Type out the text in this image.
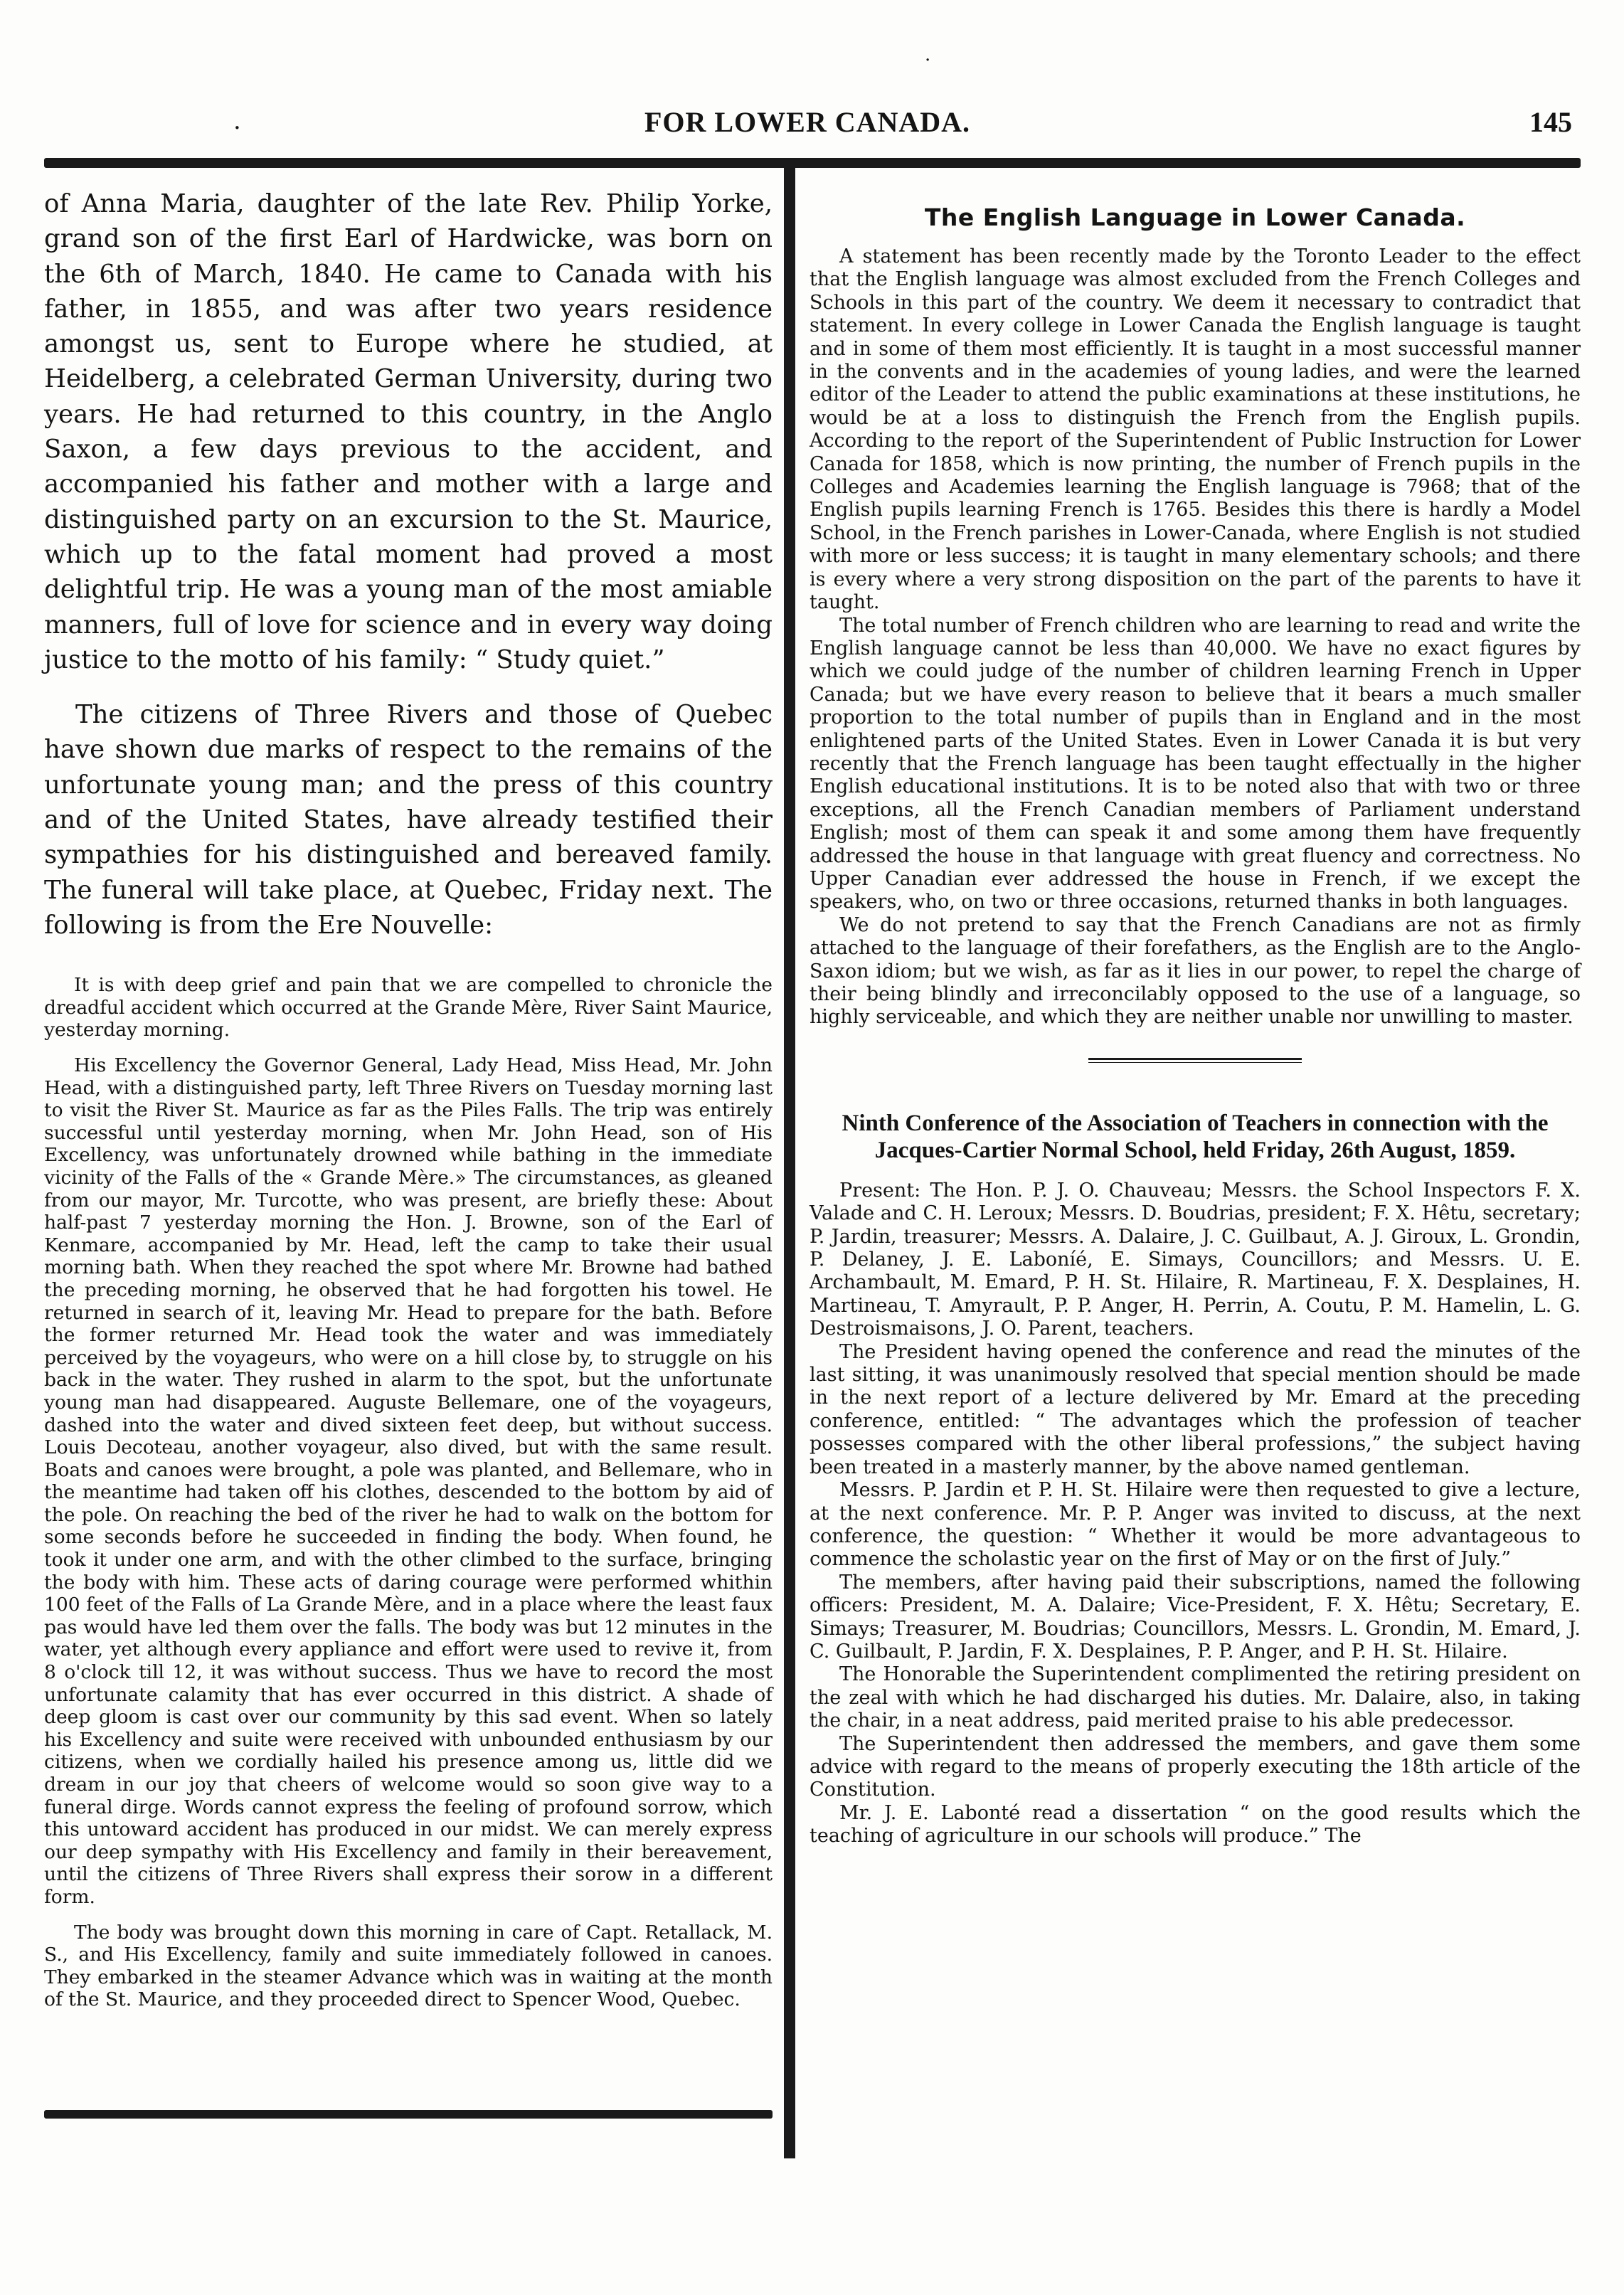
·
·	FOR LOWER CANADA.	145

of Anna Maria, daughter of the late Rev. Philip Yorke, grand son of the first Earl of Hardwicke, was born on the 6th of March, 1840. He came to Canada with his father, in 1855, and was after two years residence amongst us, sent to Europe where he studied, at Heidelberg, a celebrated German University, during two years. He had returned to this country, in the Anglo Saxon, a few days previous to the accident, and accompanied his father and mother with a large and distinguished party on an excursion to the St. Maurice, which up to the fatal moment had proved a most delightful trip. He was a young man of the most amiable manners, full of love for science and in every way doing justice to the motto of his family: “ Study quiet.”

The citizens of Three Rivers and those of Quebec have shown due marks of respect to the remains of the unfortunate young man; and the press of this country and of the United States, have already testified their sympathies for his distinguished and bereaved family. The funeral will take place, at Quebec, Friday next. The following is from the Ere Nouvelle:

It is with deep grief and pain that we are compelled to chronicle the dreadful accident which occurred at the Grande Mère, River Saint Maurice, yesterday morning.

His Excellency the Governor General, Lady Head, Miss Head, Mr. John Head, with a distinguished party, left Three Rivers on Tuesday morning last to visit the River St. Maurice as far as the Piles Falls. The trip was entirely successful until yesterday morning, when Mr. John Head, son of His Excellency, was unfortunately drowned while bathing in the immediate vicinity of the Falls of the « Grande Mère.» The circumstances, as gleaned from our mayor, Mr. Turcotte, who was present, are briefly these: About half-past 7 yesterday morning the Hon. J. Browne, son of the Earl of Kenmare, accompanied by Mr. Head, left the camp to take their usual morning bath. When they reached the spot where Mr. Browne had bathed the preceding morning, he observed that he had forgotten his towel. He returned in search of it, leaving Mr. Head to prepare for the bath. Before the former returned Mr. Head took the water and was immediately perceived by the voyageurs, who were on a hill close by, to struggle on his back in the water. They rushed in alarm to the spot, but the unfortunate young man had disappeared. Auguste Bellemare, one of the voyageurs, dashed into the water and dived sixteen feet deep, but without success. Louis Decoteau, another voyageur, also dived, but with the same result. Boats and canoes were brought, a pole was planted, and Bellemare, who in the meantime had taken off his clothes, descended to the bottom by aid of the pole. On reaching the bed of the river he had to walk on the bottom for some seconds before he succeeded in finding the body. When found, he took it under one arm, and with the other climbed to the surface, bringing the body with him. These acts of daring courage were performed whithin 100 feet of the Falls of La Grande Mère, and in a place where the least faux pas would have led them over the falls. The body was but 12 minutes in the water, yet although every appliance and effort were used to revive it, from 8 o'clock till 12, it was without success. Thus we have to record the most unfortunate calamity that has ever occurred in this district. A shade of deep gloom is cast over our community by this sad event. When so lately his Excellency and suite were received with unbounded enthusiasm by our citizens, when we cordially hailed his presence among us, little did we dream in our joy that cheers of welcome would so soon give way to a funeral dirge. Words cannot express the feeling of profound sorrow, which this untoward accident has produced in our midst. We can merely express our deep sympathy with His Excellency and family in their bereavement, until the citizens of Three Rivers shall express their sorow in a different form.

The body was brought down this morning in care of Capt. Retallack, M. S., and His Excellency, family and suite immediately followed in canoes. They embarked in the steamer Advance which was in waiting at the month of the St. Maurice, and they proceeded direct to Spencer Wood, Quebec.

The English Language in Lower Canada.

A statement has been recently made by the Toronto Leader to the effect that the English language was almost excluded from the French Colleges and Schools in this part of the country. We deem it necessary to contradict that statement. In every college in Lower Canada the English language is taught and in some of them most efficiently. It is taught in a most successful manner in the convents and in the academies of young ladies, and were the learned editor of the Leader to attend the public examinations at these institutions, he would be at a loss to distinguish the French from the English pupils. According to the report of the Superintendent of Public Instruction for Lower Canada for 1858, which is now printing, the number of French pupils in the Colleges and Academies learning the English language is 7968; that of the English pupils learning French is 1765. Besides this there is hardly a Model School, in the French parishes in Lower-Canada, where English is not studied with more or less success; it is taught in many elementary schools; and there is every where a very strong disposition on the part of the parents to have it taught.

The total number of French children who are learning to read and write the English language cannot be less than 40,000. We have no exact figures by which we could judge of the number of children learning French in Upper Canada; but we have every reason to believe that it bears a much smaller proportion to the total number of pupils than in England and in the most enlightened parts of the United States. Even in Lower Canada it is but very recently that the French language has been taught effectually in the higher English educational institutions. It is to be noted also that with two or three exceptions, all the French Canadian members of Parliament understand English; most of them can speak it and some among them have frequently addressed the house in that language with great fluency and correctness. No Upper Canadian ever addressed the house in French, if we except the speakers, who, on two or three occasions, returned thanks in both languages.

We do not pretend to say that the French Canadians are not as firmly attached to the language of their forefathers, as the English are to the Anglo-Saxon idiom; but we wish, as far as it lies in our power, to repel the charge of their being blindly and irreconcilably opposed to the use of a language, so highly serviceable, and which they are neither unable nor unwilling to master.

Ninth Conference of the Association of Teachers in connection with the Jacques-Cartier Normal School, held Friday, 26th August, 1859.

Present: The Hon. P. J. O. Chauveau; Messrs. the School Inspectors F. X. Valade and C. H. Leroux; Messrs. D. Boudrias, president; F. X. Hêtu, secretary; P. Jardin, treasurer; Messrs. A. Dalaire, J. C. Guilbaut, A. J. Giroux, L. Grondin, P. Delaney, J. E. Laboníé, E. Simays, Councillors; and Messrs. U. E. Archambault, M. Emard, P. H. St. Hilaire, R. Martineau, F. X. Desplaines, H. Martineau, T. Amyrault, P. P. Anger, H. Perrin, A. Coutu, P. M. Hamelin, L. G. Destroismaisons, J. O. Parent, teachers.

The President having opened the conference and read the minutes of the last sitting, it was unanimously resolved that special mention should be made in the next report of a lecture delivered by Mr. Emard at the preceding conference, entitled: “ The advantages which the profession of teacher possesses compared with the other liberal professions,” the subject having been treated in a masterly manner, by the above named gentleman.

Messrs. P. Jardin et P. H. St. Hilaire were then requested to give a lecture, at the next conference. Mr. P. P. Anger was invited to discuss, at the next conference, the question: “ Whether it would be more advantageous to commence the scholastic year on the first of May or on the first of July.”

The members, after having paid their subscriptions, named the following officers: President, M. A. Dalaire; Vice-President, F. X. Hêtu; Secretary, E. Simays; Treasurer, M. Boudrias; Councillors, Messrs. L. Grondin, M. Emard, J. C. Guilbault, P. Jardin, F. X. Desplaines, P. P. Anger, and P. H. St. Hilaire.

The Honorable the Superintendent complimented the retiring president on the zeal with which he had discharged his duties. Mr. Dalaire, also, in taking the chair, in a neat address, paid merited praise to his able predecessor.

The Superintendent then addressed the members, and gave them some advice with regard to the means of properly executing the 18th article of the Constitution.

Mr. J. E. Labonté read a dissertation “ on the good results which the teaching of agriculture in our schools will produce.” The
